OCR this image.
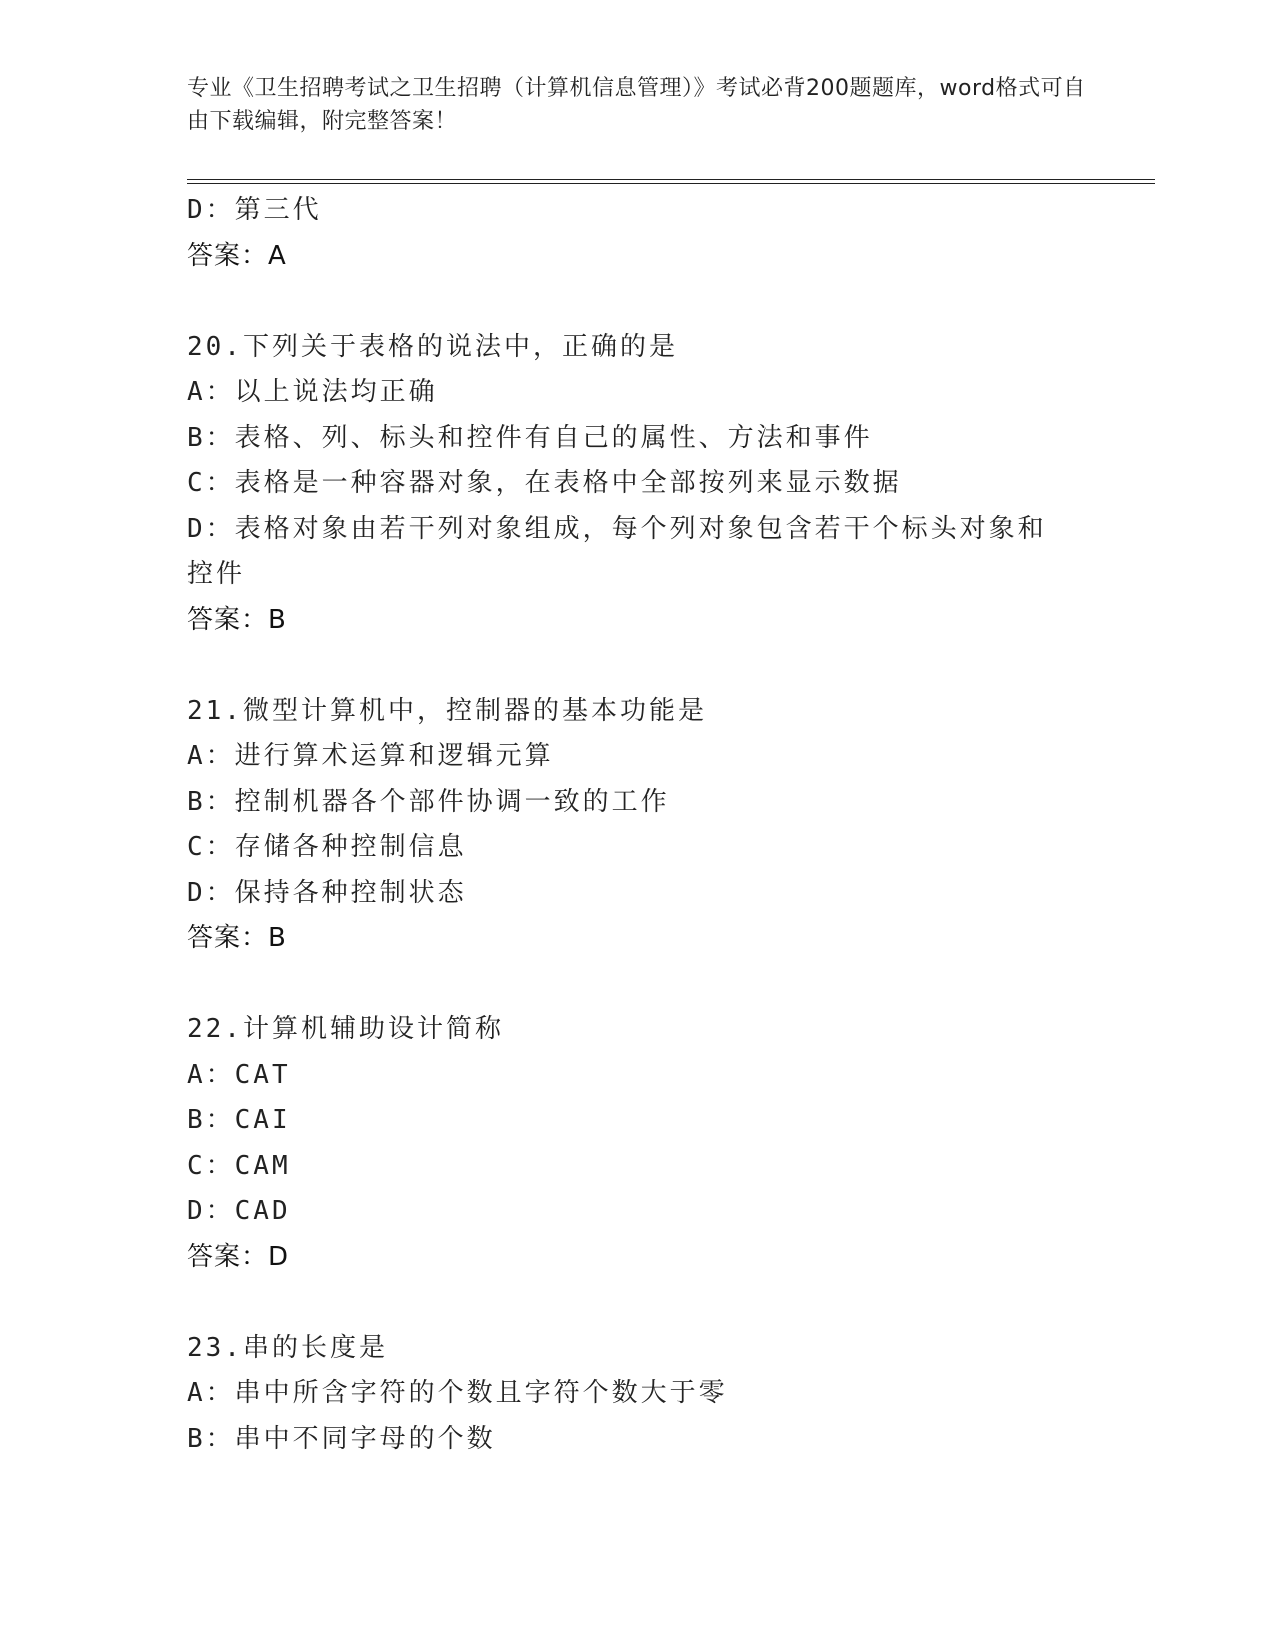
专业《卫生招聘考试之卫生招聘（计算机信息管理）》考试必背200题题库，word格式可自由下载编辑，附完整答案！
D：第三代
答案：A
20.下列关于表格的说法中，正确的是
A：以上说法均正确
B：表格、列、标头和控件有自己的属性、方法和事件
C：表格是一种容器对象，在表格中全部按列来显示数据
D：表格对象由若干列对象组成，每个列对象包含若干个标头对象和控件
答案：B
21.微型计算机中，控制器的基本功能是
A：进行算术运算和逻辑元算
B：控制机器各个部件协调一致的工作
C：存储各种控制信息
D：保持各种控制状态
答案：B
22.计算机辅助设计简称
A：CAT
B：CAI
C：CAM
D：CAD
答案：D
23.串的长度是
A：串中所含字符的个数且字符个数大于零
B：串中不同字母的个数
